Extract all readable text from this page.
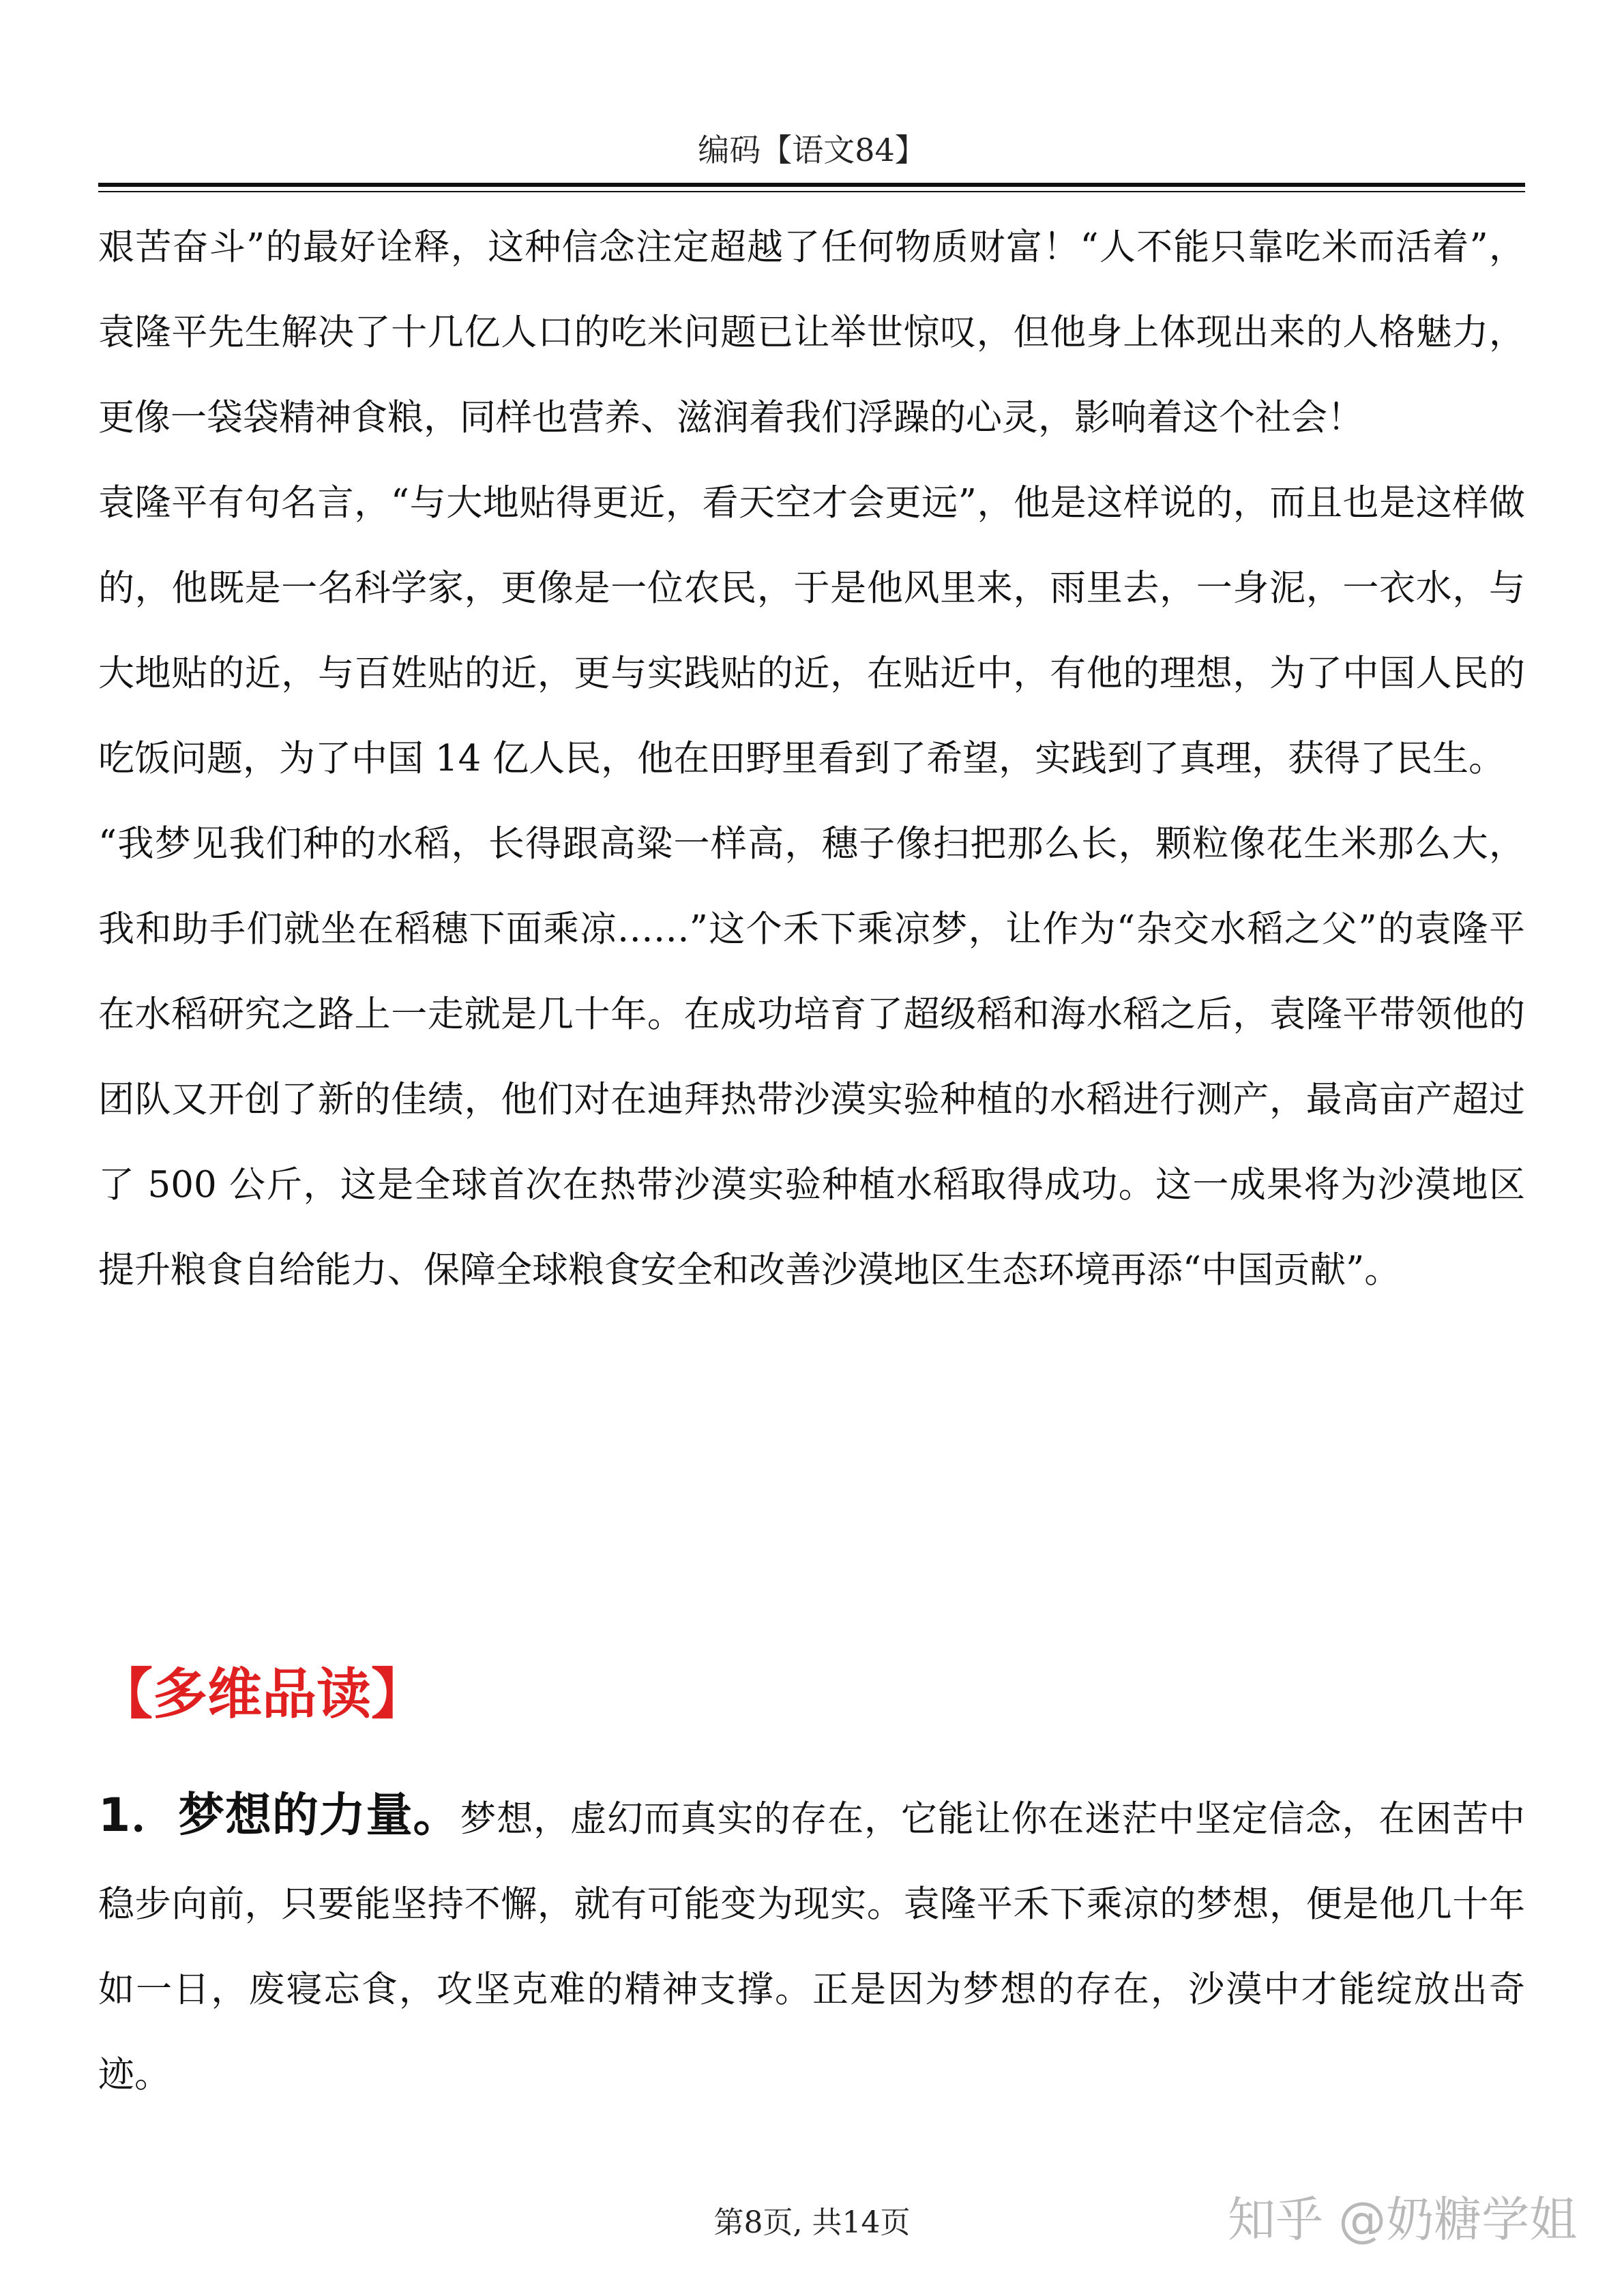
编码【语文84】

艰苦奋斗”的最好诠释，这种信念注定超越了任何物质财富！“人不能只靠吃米而活着”，袁隆平先生解决了十几亿人口的吃米问题已让举世惊叹，但他身上体现出来的人格魅力，更像一袋袋精神食粮，同样也营养、滋润着我们浮躁的心灵，影响着这个社会！

袁隆平有句名言，“与大地贴得更近，看天空才会更远”，他是这样说的，而且也是这样做的，他既是一名科学家，更像是一位农民，于是他风里来，雨里去，一身泥，一衣水，与大地贴的近，与百姓贴的近，更与实践贴的近，在贴近中，有他的理想，为了中国人民的吃饭问题，为了中国 14 亿人民，他在田野里看到了希望，实践到了真理，获得了民生。

“我梦见我们种的水稻，长得跟高粱一样高，穗子像扫把那么长，颗粒像花生米那么大，我和助手们就坐在稻穗下面乘凉……”这个禾下乘凉梦，让作为“杂交水稻之父”的袁隆平在水稻研究之路上一走就是几十年。在成功培育了超级稻和海水稻之后，袁隆平带领他的团队又开创了新的佳绩，他们对在迪拜热带沙漠实验种植的水稻进行测产，最高亩产超过了 500 公斤，这是全球首次在热带沙漠实验种植水稻取得成功。这一成果将为沙漠地区提升粮食自给能力、保障全球粮食安全和改善沙漠地区生态环境再添“中国贡献”。

【多维品读】
1．梦想的力量。梦想，虚幻而真实的存在，它能让你在迷茫中坚定信念，在困苦中稳步向前，只要能坚持不懈，就有可能变为现实。袁隆平禾下乘凉的梦想，便是他几十年如一日，废寝忘食，攻坚克难的精神支撑。正是因为梦想的存在，沙漠中才能绽放出奇迹。
第8页, 共14页	知乎 @奶糖学姐
